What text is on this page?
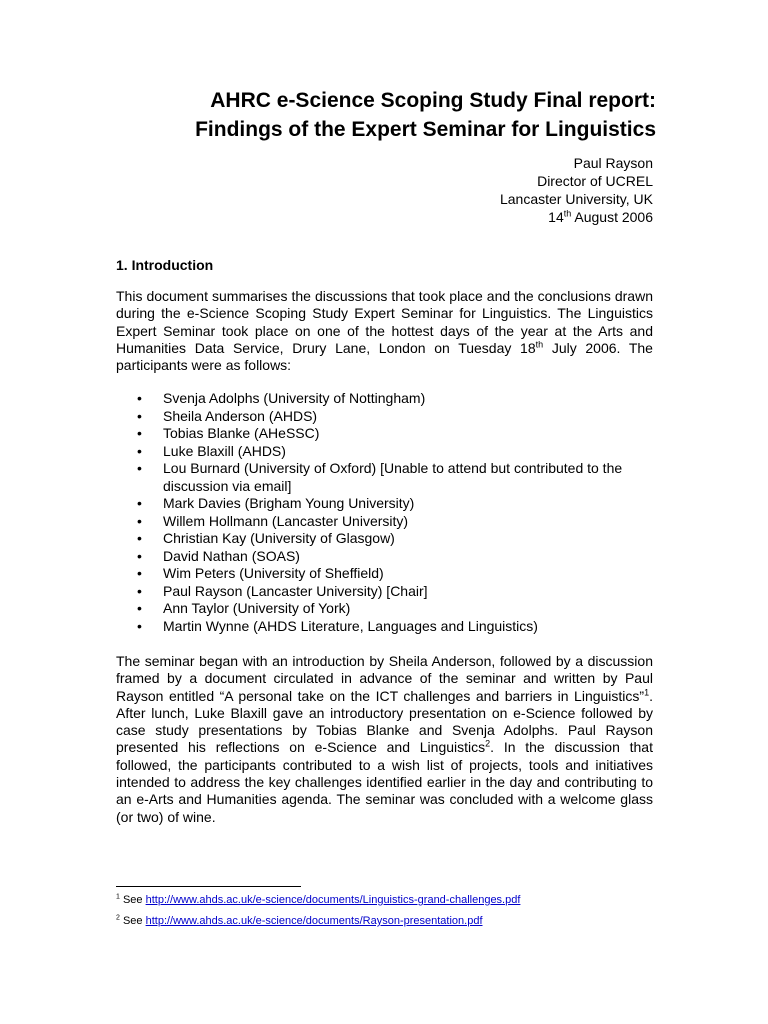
AHRC e-Science Scoping Study Final report:
Findings of the Expert Seminar for Linguistics
Paul Rayson
Director of UCREL
Lancaster University, UK
14th August 2006
1. Introduction
This document summarises the discussions that took place and the conclusions drawn during the e-Science Scoping Study Expert Seminar for Linguistics. The Linguistics Expert Seminar took place on one of the hottest days of the year at the Arts and Humanities Data Service, Drury Lane, London on Tuesday 18th July 2006. The participants were as follows:
• Svenja Adolphs (University of Nottingham)
• Sheila Anderson (AHDS)
• Tobias Blanke (AHeSSC)
• Luke Blaxill (AHDS)
• Lou Burnard (University of Oxford) [Unable to attend but contributed to the discussion via email]
• Mark Davies (Brigham Young University)
• Willem Hollmann (Lancaster University)
• Christian Kay (University of Glasgow)
• David Nathan (SOAS)
• Wim Peters (University of Sheffield)
• Paul Rayson (Lancaster University) [Chair]
• Ann Taylor (University of York)
• Martin Wynne (AHDS Literature, Languages and Linguistics)
The seminar began with an introduction by Sheila Anderson, followed by a discussion framed by a document circulated in advance of the seminar and written by Paul Rayson entitled “A personal take on the ICT challenges and barriers in Linguistics”$^1$. After lunch, Luke Blaxill gave an introductory presentation on e-Science followed by case study presentations by Tobias Blanke and Svenja Adolphs. Paul Rayson presented his reflections on e-Science and Linguistics$^2$. In the discussion that followed, the participants contributed to a wish list of projects, tools and initiatives intended to address the key challenges identified earlier in the day and contributing to an e-Arts and Humanities agenda. The seminar was concluded with a welcome glass (or two) of wine.
$^1$ See http://www.ahds.ac.uk/e-science/documents/Linguistics-grand-challenges.pdf
$^2$ See http://www.ahds.ac.uk/e-science/documents/Rayson-presentation.pdf
